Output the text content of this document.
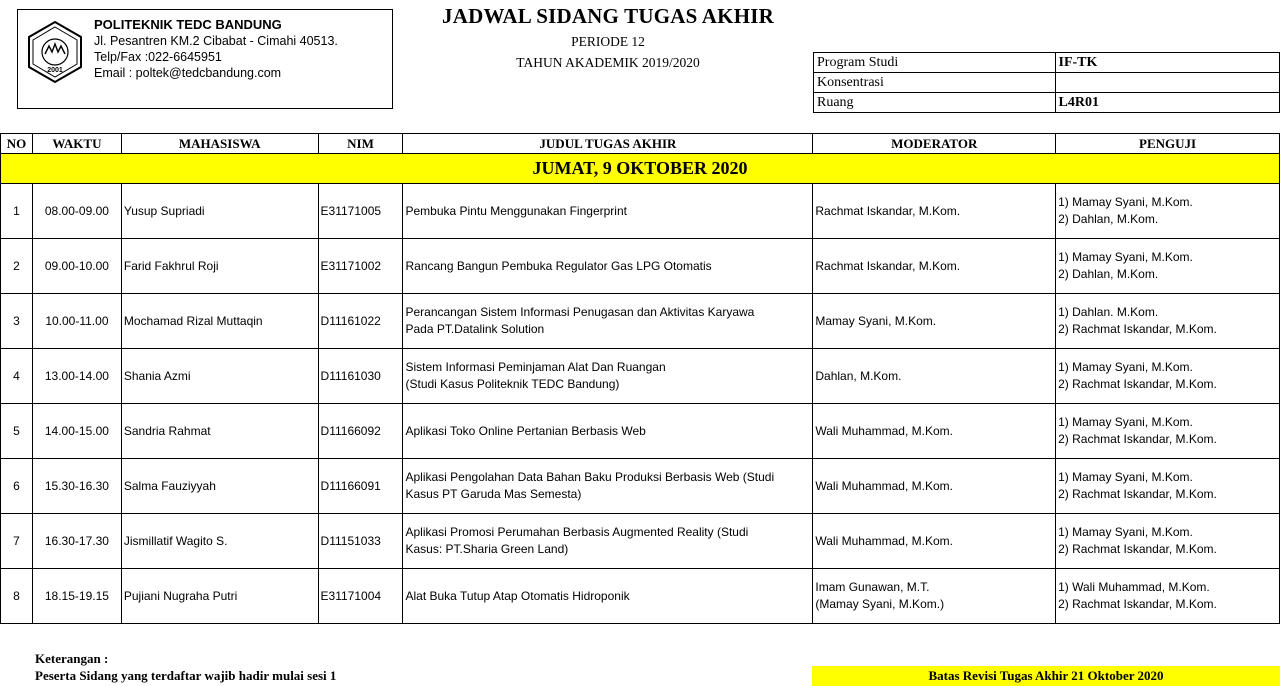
2001
POLITEKNIK TEDC BANDUNG
Jl. Pesantren KM.2 Cibabat - Cimahi 40513.
Telp/Fax :022-6645951
Email : poltek@tedcbandung.com
JADWAL SIDANG TUGAS AKHIR
PERIODE 12
TAHUN AKADEMIK 2019/2020	Program Studi	IF-TK
Konsentrasi	
Ruang	L4R01
NO	WAKTU	MAHASISWA	NIM	JUDUL TUGAS AKHIR	MODERATOR	PENGUJI
JUMAT, 9 OKTOBER 2020						
1	08.00-09.00	Yusup Supriadi	E31171005	Pembuka Pintu Menggunakan Fingerprint	Rachmat Iskandar, M.Kom.	1) Mamay Syani, M.Kom.
2) Dahlan, M.Kom.

2	09.00-10.00	Farid Fakhrul Roji	E31171002	Rancang Bangun Pembuka Regulator Gas LPG Otomatis	Rachmat Iskandar, M.Kom.	1) Mamay Syani, M.Kom.
2) Dahlan, M.Kom.

3	10.00-11.00	Mochamad Rizal Muttaqin	D11161022	Perancangan Sistem Informasi Penugasan dan Aktivitas Karyawa
Pada PT.Datalink Solution	Mamay Syani, M.Kom.	1) Dahlan. M.Kom.
2) Rachmat Iskandar, M.Kom.

4	13.00-14.00	Shania Azmi	D11161030	Sistem Informasi Peminjaman Alat Dan Ruangan
(Studi Kasus Politeknik TEDC Bandung)	Dahlan, M.Kom.	1) Mamay Syani, M.Kom.
2) Rachmat Iskandar, M.Kom.

5	14.00-15.00	Sandria Rahmat	D11166092	Aplikasi Toko Online Pertanian Berbasis Web	Wali Muhammad, M.Kom.	1) Mamay Syani, M.Kom.
2) Rachmat Iskandar, M.Kom.

6	15.30-16.30	Salma Fauziyyah	D11166091	Aplikasi Pengolahan Data Bahan Baku Produksi Berbasis Web (Studi
Kasus PT Garuda Mas Semesta)	Wali Muhammad, M.Kom.	1) Mamay Syani, M.Kom.
2) Rachmat Iskandar, M.Kom.

7	16.30-17.30	Jismillatif Wagito S.	D11151033	Aplikasi Promosi Perumahan Berbasis Augmented Reality (Studi
Kasus: PT.Sharia Green Land)	Wali Muhammad, M.Kom.	1) Mamay Syani, M.Kom.
2) Rachmat Iskandar, M.Kom.

8	18.15-19.15	Pujiani Nugraha Putri	E31171004	Alat Buka Tutup Atap Otomatis Hidroponik	Imam Gunawan, M.T.
(Mamay Syani, M.Kom.)	1) Wali Muhammad, M.Kom.
2) Rachmat Iskandar, M.Kom.
Keterangan :
Peserta Sidang yang terdaftar wajib hadir mulai sesi 1	Batas Revisi Tugas Akhir 21 Oktober 2020
